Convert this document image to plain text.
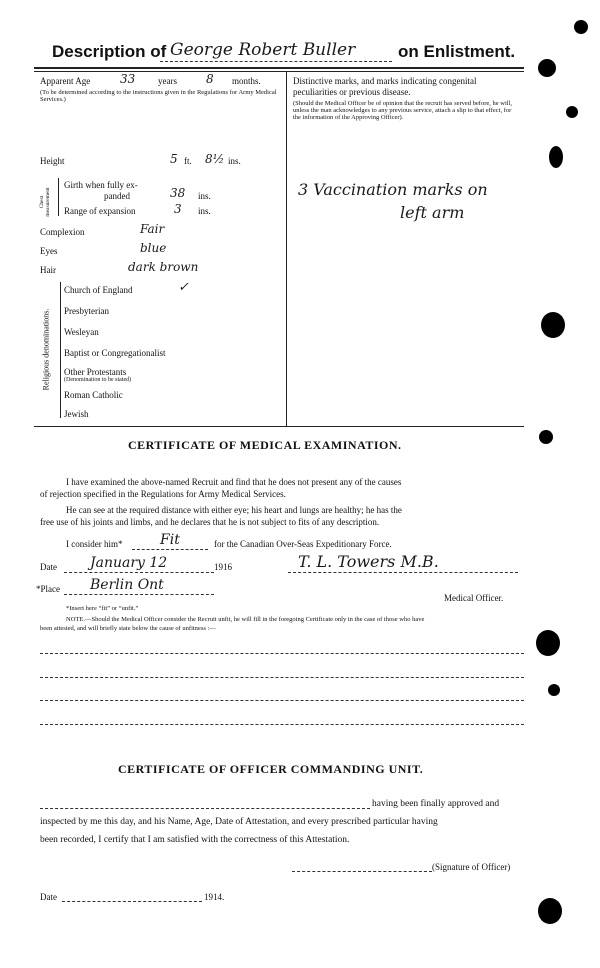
Description of George Robert Buller	on Enlistment.
Apparent Age 33	years 8 months.
(To be determined according to the instructions given in the Regulations for Army Medical Services.)
Height	5 ft. 8½ ins.
Chest measurement
Girth when fully ex-
panded	38 ins.
Range of expansion	3 ins.
Complexion	Fair
Eyes	blue
Hair	dark brown
Religious denominations.
Church of England	✓
Presbyterian
Wesleyan
Baptist or Congregationalist
Other Protestants
(Denomination to be stated)
Roman Catholic
Jewish
Distinctive marks, and marks indicating congenital
peculiarities or previous disease.
(Should the Medical Officer be of opinion that the recruit has served before, he will, unless the man acknowledges to any previous service, attach a slip to that effect, for the information of the Approving Officer).
3 Vaccination marks on
left arm
CERTIFICATE OF MEDICAL EXAMINATION.
I have examined the above-named Recruit and find that he does not present any of the causes
of rejection specified in the Regulations for Army Medical Services.
He can see at the required distance with either eye; his heart and lungs are healthy; he has the
free use of his joints and limbs, and he declares that he is not subject to fits of any description.
I consider him*	Fit	for the Canadian Over-Seas Expeditionary Force.
Date January 12	1916	T. L. Towers M.B.
*Place Berlin Ont
Medical Officer.
*Insert here “fit” or “unfit.”
NOTE.—Should the Medical Officer consider the Recruit unfit, he will fill in the foregoing Certificate only in the case of those who have
been attested, and will briefly state below the cause of unfitness :—
CERTIFICATE OF OFFICER COMMANDING UNIT.
having been finally approved and
inspected by me this day, and his Name, Age, Date of Attestation, and every prescribed particular having
been recorded, I certify that I am satisfied with the correctness of this Attestation.
(Signature of Officer)
Date	1914.
